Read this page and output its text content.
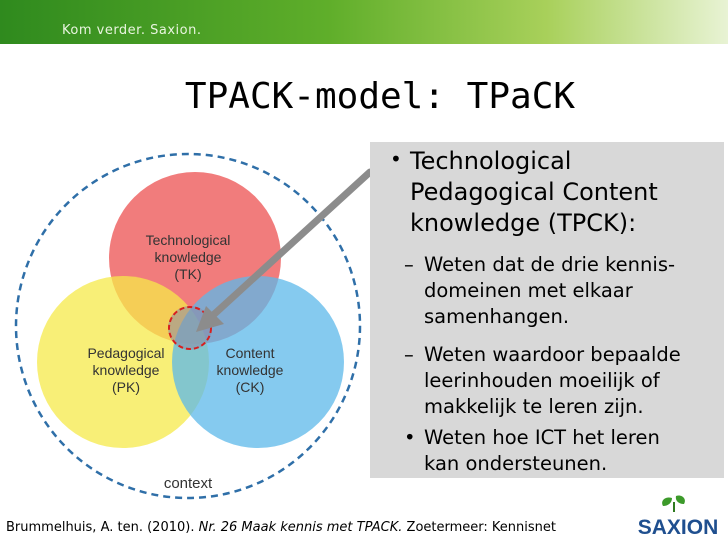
Kom verder. Saxion.
TPACK-model: TPaCK
Technological
knowledge
(TK)
Pedagogical
knowledge
(PK)
Content
knowledge
(CK)
context
• Technological
Pedagogical Content
knowledge (TPCK):
– Weten dat de drie kennis-
domeinen met elkaar
samenhangen.
– Weten waardoor bepaalde
leerinhouden moeilijk of
makkelijk te leren zijn.
• Weten hoe ICT het leren
kan ondersteunen.
Brummelhuis, A. ten. (2010). Nr. 26 Maak kennis met TPACK. Zoetermeer: Kennisnet	SAXION
